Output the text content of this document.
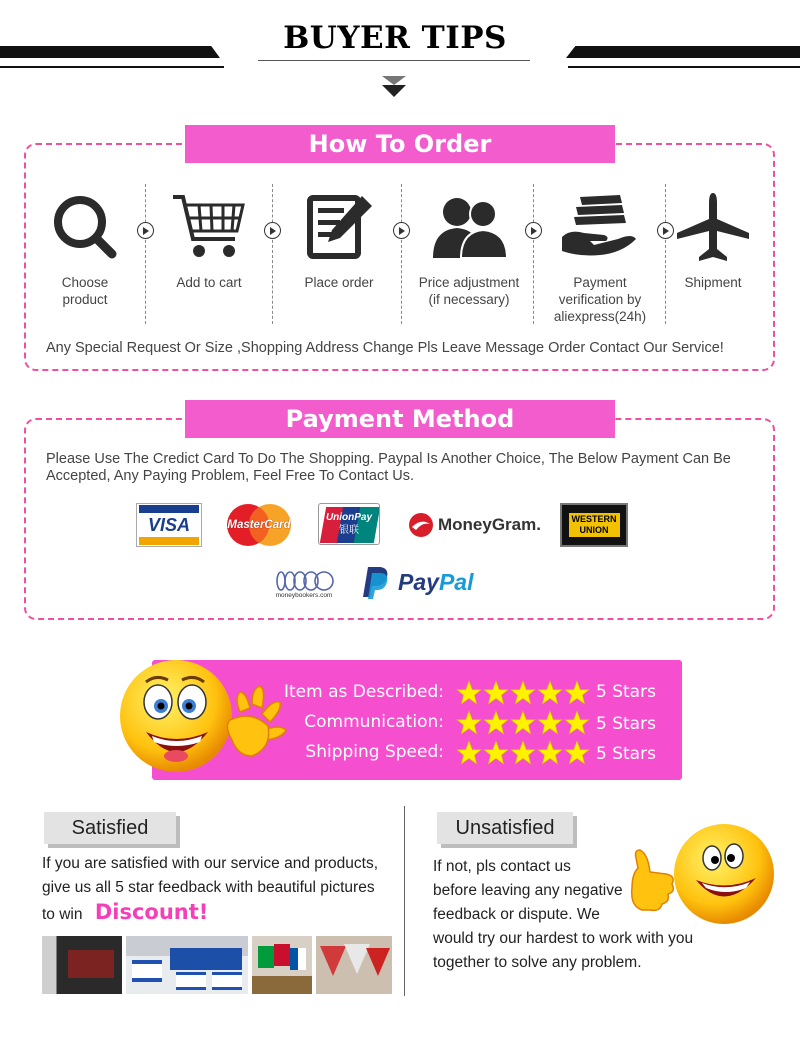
BUYER TIPS
How To Order
Choose
product
Add to cart	Place order	Price adjustment
(if necessary)
Payment
verification by
aliexpress(24h)
Shipment
Any Special Request Or Size ,Shopping Address Change Pls Leave Message Order Contact Our Service!
Payment Method
Please Use The Credict Card To Do The Shopping. Paypal Is Another Choice, The Below Payment Can Be Accepted, Any Paying Problem, Feel Free To Contact Us.
VISA	MasterCard
UnionPay
银联	MoneyGram.	WESTERN
UNION
moneybookers.com
PayPal
Item as Described:	5 Stars
Communication:	5 Stars
Shipping Speed:	5 Stars
Satisfied
If you are satisfied with our service and products,
give us all 5 star feedback with beautiful pictures
to win Discount!
Unsatisfied
If not, pls contact us
before leaving any negative
feedback or dispute. We
would try our hardest to work with you
together to solve any problem.
